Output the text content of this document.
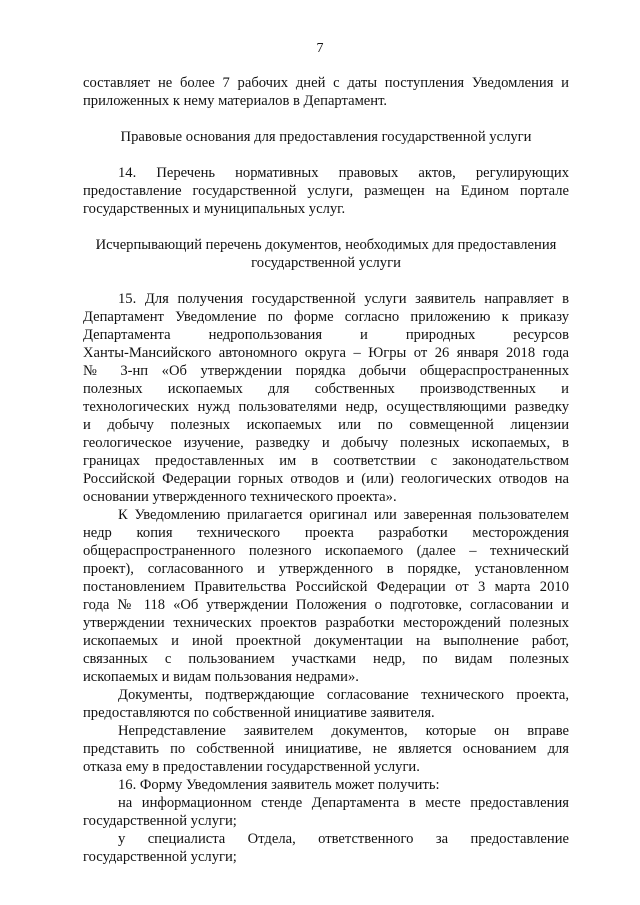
7
составляет не более 7 рабочих дней с даты поступления Уведомления и
приложенных к нему материалов в Департамент.
Правовые основания для предоставления государственной услуги
14. Перечень нормативных правовых актов, регулирующих
предоставление государственной услуги, размещен на Едином портале
государственных и муниципальных услуг.
Исчерпывающий перечень документов, необходимых для предоставления
государственной услуги
15. Для получения государственной услуги заявитель направляет в
Департамент Уведомление по форме согласно приложению к приказу
Департамента недропользования и природных ресурсов
Ханты-Мансийского автономного округа – Югры от 26 января 2018 года
№ 3-нп «Об утверждении порядка добычи общераспространенных
полезных ископаемых для собственных производственных и
технологических нужд пользователями недр, осуществляющими разведку
и добычу полезных ископаемых или по совмещенной лицензии
геологическое изучение, разведку и добычу полезных ископаемых, в
границах предоставленных им в соответствии с законодательством
Российской Федерации горных отводов и (или) геологических отводов на
основании утвержденного технического проекта».
К Уведомлению прилагается оригинал или заверенная пользователем
недр копия технического проекта разработки месторождения
общераспространенного полезного ископаемого (далее – технический
проект), согласованного и утвержденного в порядке, установленном
постановлением Правительства Российской Федерации от 3 марта 2010
года № 118 «Об утверждении Положения о подготовке, согласовании и
утверждении технических проектов разработки месторождений полезных
ископаемых и иной проектной документации на выполнение работ,
связанных с пользованием участками недр, по видам полезных
ископаемых и видам пользования недрами».
Документы, подтверждающие согласование технического проекта,
предоставляются по собственной инициативе заявителя.
Непредставление заявителем документов, которые он вправе
представить по собственной инициативе, не является основанием для
отказа ему в предоставлении государственной услуги.
16. Форму Уведомления заявитель может получить:
на информационном стенде Департамента в месте предоставления
государственной услуги;
у специалиста Отдела, ответственного за предоставление
государственной услуги;
